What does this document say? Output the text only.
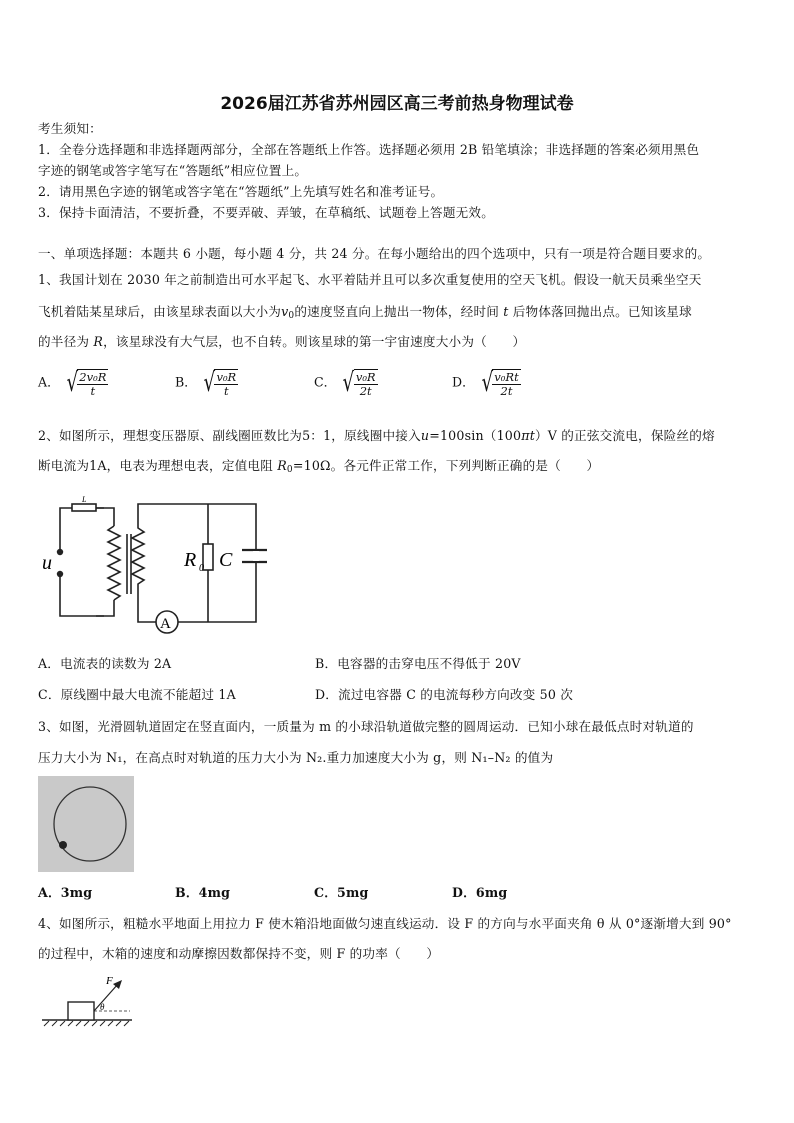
2026届江苏省苏州园区高三考前热身物理试卷
考生须知：
1．全卷分选择题和非选择题两部分，全部在答题纸上作答。选择题必须用 2B 铅笔填涂；非选择题的答案必须用黑色
字迹的钢笔或答字笔写在“答题纸”相应位置上。
2．请用黑色字迹的钢笔或答字笔在“答题纸”上先填写姓名和准考证号。
3．保持卡面清洁，不要折叠，不要弄破、弄皱，在草稿纸、试题卷上答题无效。
一、单项选择题：本题共 6 小题，每小题 4 分，共 24 分。在每小题给出的四个选项中，只有一项是符合题目要求的。
1、我国计划在 2030 年之前制造出可水平起飞、水平着陆并且可以多次重复使用的空天飞机。假设一航天员乘坐空天
飞机着陆某星球后，由该星球表面以大小为$v_0$的速度竖直向上抛出一物体，经时间 t 后物体落回抛出点。已知该星球
的半径为 R，该星球没有大气层，也不自转。则该星球的第一宇宙速度大小为（　　）
A． √ $\frac{\text{2v₀R}}{t}$	B． √ $\frac{\text{v₀R}}{t}$	C． √ $\frac{\text{v₀R}}{2t}$	D． √ $\frac{\text{v₀Rt}}{2t}$
2、如图所示，理想变压器原、副线圈匝数比为5：1，原线圈中接入u=100sin（100πt）V 的正弦交流电，保险丝的熔
断电流为1A，电表为理想电表，定值电阻 $R_0=10\Omega$。各元件正常工作，下列判断正确的是（　　）
u
L
R 0 C
A
A．电流表的读数为 2A	B．电容器的击穿电压不得低于 20V
C．原线圈中最大电流不能超过 1A	D．流过电容器 C 的电流每秒方向改变 50 次
3、如图，光滑圆轨道固定在竖直面内，一质量为 m 的小球沿轨道做完整的圆周运动．已知小球在最低点时对轨道的
压力大小为 N₁，在高点时对轨道的压力大小为 N₂.重力加速度大小为 g，则 N₁–N₂ 的值为
A．3mg	B．4mg	C．5mg	D．6mg
4、如图所示，粗糙水平地面上用拉力 F 使木箱沿地面做匀速直线运动．设 F 的方向与水平面夹角 θ 从 0°逐渐增大到 90°
的过程中，木箱的速度和动摩擦因数都保持不变，则 F 的功率（　　）
F
θ
